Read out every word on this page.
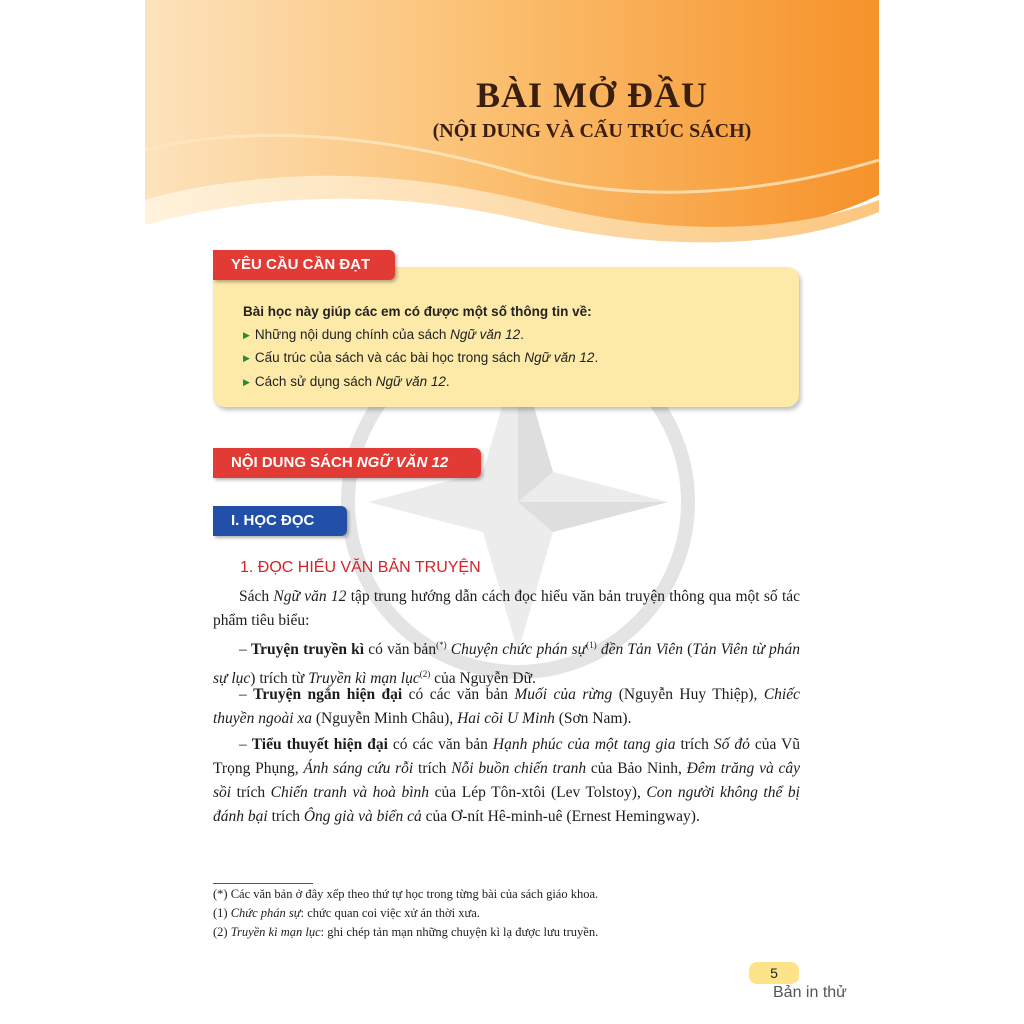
BÀI MỞ ĐẦU
(NỘI DUNG VÀ CẤU TRÚC SÁCH)
YÊU CẦU CẦN ĐẠT
Bài học này giúp các em có được một số thông tin về:
▶ Những nội dung chính của sách Ngữ văn 12.
▶ Cấu trúc của sách và các bài học trong sách Ngữ văn 12.
▶ Cách sử dụng sách Ngữ văn 12.
NỘI DUNG SÁCH NGỮ VĂN 12
I. HỌC ĐỌC
1. ĐỌC HIỂU VĂN BẢN TRUYỆN
Sách Ngữ văn 12 tập trung hướng dẫn cách đọc hiểu văn bản truyện thông qua một số tác phẩm tiêu biểu:
– Truyện truyền kì có văn bản(*) Chuyện chức phán sự$^{(1)}$ đền Tản Viên (Tản Viên từ phán sự lục) trích từ Truyền kì mạn lục$^{(2)}$ của Nguyễn Dữ.
– Truyện ngắn hiện đại có các văn bản Muối của rừng (Nguyễn Huy Thiệp), Chiếc thuyền ngoài xa (Nguyễn Minh Châu), Hai cõi U Minh (Sơn Nam).
– Tiểu thuyết hiện đại có các văn bản Hạnh phúc của một tang gia trích Số đỏ của Vũ Trọng Phụng, Ánh sáng cứu rỗi trích Nỗi buồn chiến tranh của Bảo Ninh, Đêm trăng và cây sồi trích Chiến tranh và hoà bình của Lép Tôn-xtôi (Lev Tolstoy), Con người không thể bị đánh bại trích Ông già và biển cả của Ơ-nít Hê-minh-uê (Ernest Hemingway).
(*) Các văn bản ở đây xếp theo thứ tự học trong từng bài của sách giáo khoa.
(1) Chức phán sự: chức quan coi việc xử án thời xưa.
(2) Truyền kì mạn lục: ghi chép tản mạn những chuyện kì lạ được lưu truyền.
5
Bản in thử
